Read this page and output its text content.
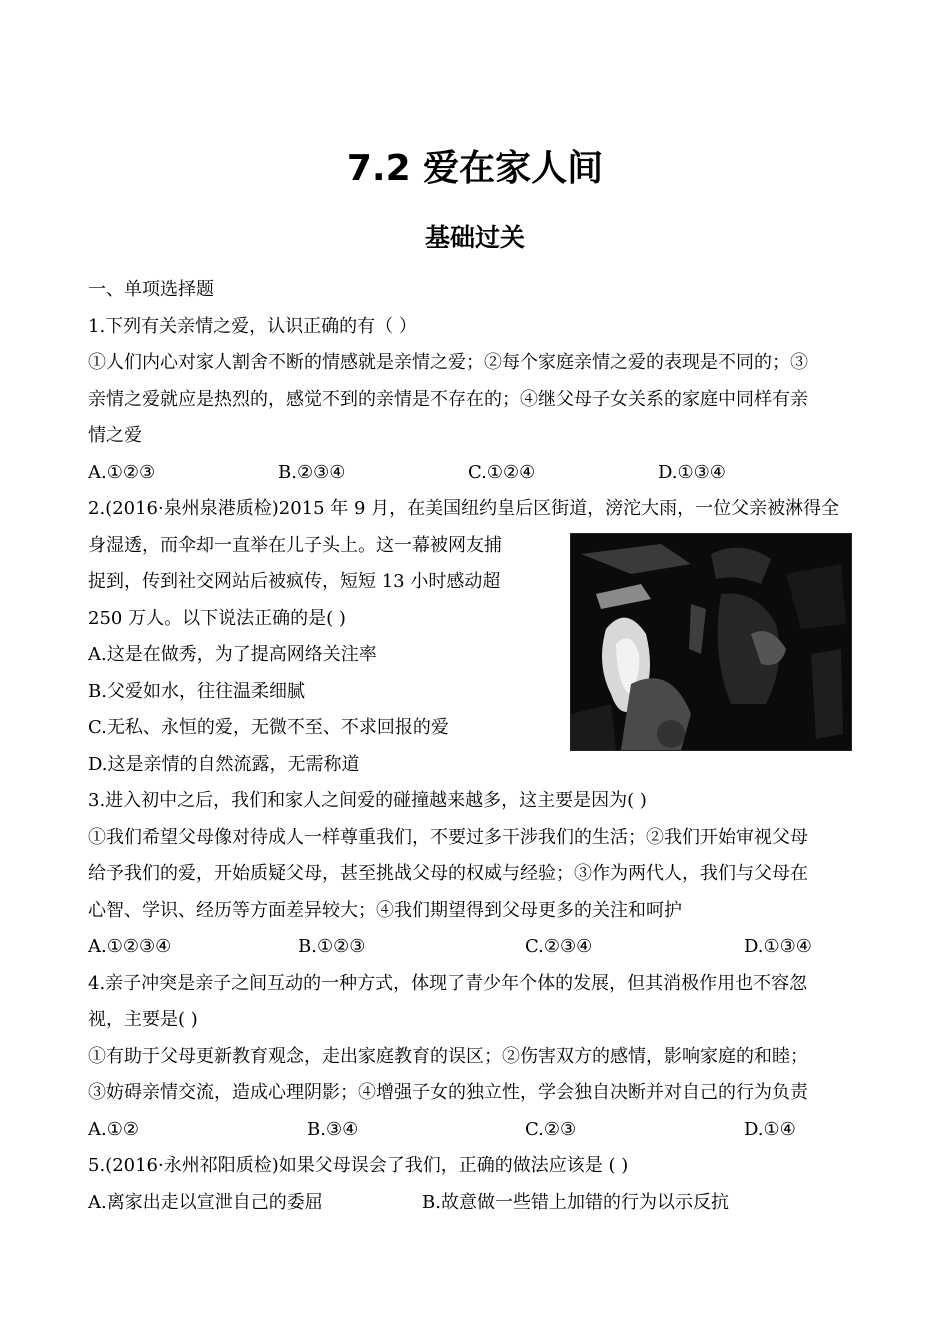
7.2 爱在家人间
基础过关

一、单项选择题

1.下列有关亲情之爱，认识正确的有（ ）

①人们内心对家人割舍不断的情感就是亲情之爱；②每个家庭亲情之爱的表现是不同的；③

亲情之爱就应是热烈的，感觉不到的亲情是不存在的；④继父母子女关系的家庭中同样有亲

情之爱

A.①②③	B.②③④	C.①②④	D.①③④

2.(2016·泉州泉港质检)2015 年 9 月，在美国纽约皇后区街道，滂沱大雨，一位父亲被淋得全

身湿透，而伞却一直举在儿子头上。这一幕被网友捕

捉到，传到社交网站后被疯传，短短 13 小时感动超

250 万人。以下说法正确的是( )

A.这是在做秀，为了提高网络关注率

B.父爱如水，往往温柔细腻

C.无私、永恒的爱，无微不至、不求回报的爱

D.这是亲情的自然流露，无需称道

3.进入初中之后，我们和家人之间爱的碰撞越来越多，这主要是因为( )

①我们希望父母像对待成人一样尊重我们，不要过多干涉我们的生活；②我们开始审视父母

给予我们的爱，开始质疑父母，甚至挑战父母的权威与经验；③作为两代人，我们与父母在

心智、学识、经历等方面差异较大；④我们期望得到父母更多的关注和呵护

A.①②③④	B.①②③	C.②③④	D.①③④

4.亲子冲突是亲子之间互动的一种方式，体现了青少年个体的发展，但其消极作用也不容忽

视，主要是( )

①有助于父母更新教育观念，走出家庭教育的误区；②伤害双方的感情，影响家庭的和睦；

③妨碍亲情交流，造成心理阴影；④增强子女的独立性，学会独自决断并对自己的行为负责

A.①②	B.③④	C.②③	D.①④

5.(2016·永州祁阳质检)如果父母误会了我们，正确的做法应该是 ( )

A.离家出走以宣泄自己的委屈	B.故意做一些错上加错的行为以示反抗
